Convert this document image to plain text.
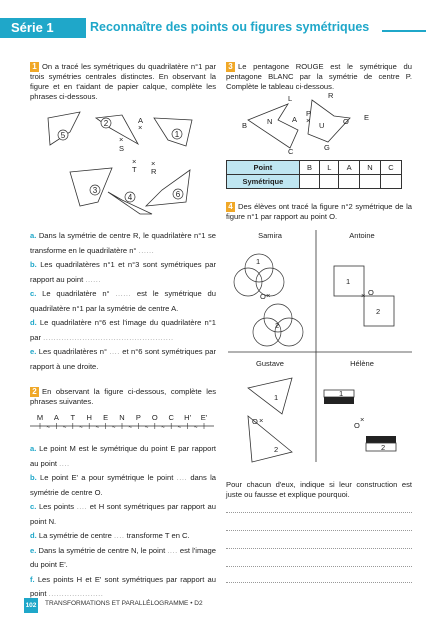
Série 1	Reconnaître des points ou figures symétriques
1 On a tracé les symétriques du quadrilatère n°1 par trois symétries centrales distinctes. En observant la figure et en t'aidant de papier calque, complète les phrases ci-dessous.
5
2
1
3
4	6
A
×
×
S
×
T
×
R
a. Dans la symétrie de centre R, le quadrilatère n°1 se transforme en le quadrilatère n° ......
b. Les quadrilatères n°1 et n°3 sont symétriques par rapport au point ......
c. Le quadrilatère n° ...... est le symétrique du quadrilatère n°1 par la symétrie de centre A.
d. Le quadrilatère n°6 est l'image du quadrilatère n°1 par ..................................................
e. Les quadrilatères n° .... et n°6 sont symétriques par rapport à une droite.
2 En observant la figure ci-dessous, complète les phrases suivantes.
M
~
A
~
T
~
H
~
E
~
N
~
P
~
O
~
C
~
H'
~
E'
a. Le point M est le symétrique du point E par rapport au point ....
b. Le point E' a pour symétrique le point .... dans la symétrie de centre O.
c. Les points .... et H sont symétriques par rapport au point N.
d. La symétrie de centre .... transforme T en C.
e. Dans la symétrie de centre N, le point .... est l'image du point E'.
f. Les points H et E' sont symétriques par rapport au point .....................
3 Le pentagone ROUGE est le symétrique du pentagone BLANC par la symétrie de centre P. Complète le tableau ci-dessous.
L
B	N	A
P
×
R
U O E
C	G
Point	B	L	A	N	C
Symétrique					
4 Des élèves ont tracé la figure n°2 symétrique de la figure n°1 par rapport au point O.
Samira	Antoine
Gustave	Hélène
1
2
O ×
1
2
× O
1
2
O ×
1
2
O
×
Pour chacun d'eux, indique si leur construction est juste ou fausse et explique pourquoi.
102 TRANSFORMATIONS ET PARALLÉLOGRAMME • D2
